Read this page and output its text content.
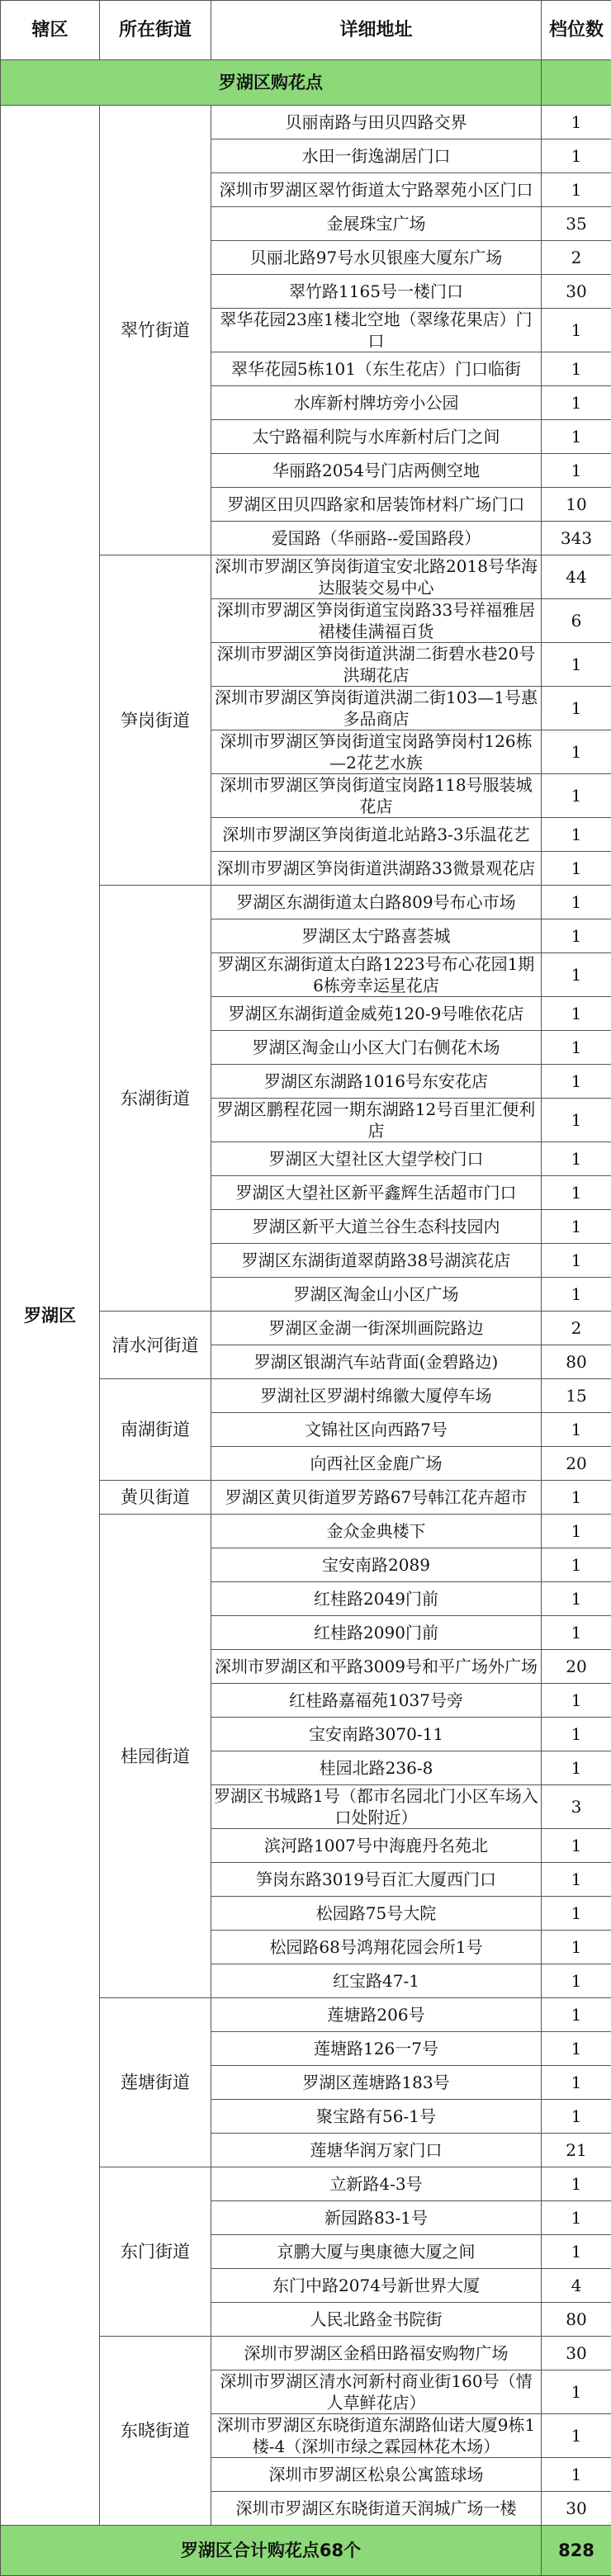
辖区	所在街道	详细地址	档位数
罗湖区购花点			
罗湖区	翠竹街道	贝丽南路与田贝四路交界	1
		水田一街逸湖居门口	1
		深圳市罗湖区翠竹街道太宁路翠苑小区门口	1
		金展珠宝广场	35
		贝丽北路97号水贝银座大厦东广场	2
		翠竹路1165号一楼门口	30
		翠华花园23座1楼北空地（翠缘花果店）门口	1
		翠华花园5栋101（东生花店）门口临街	1
		水库新村牌坊旁小公园	1
		太宁路福利院与水库新村后门之间	1
		华丽路2054号门店两侧空地	1
		罗湖区田贝四路家和居装饰材料广场门口	10
		爱国路（华丽路--爱国路段）	343
	笋岗街道	深圳市罗湖区笋岗街道宝安北路2018号华海达服装交易中心	44
		深圳市罗湖区笋岗街道宝岗路33号祥福雅居裙楼佳满福百货	6
		深圳市罗湖区笋岗街道洪湖二街碧水巷20号洪瑚花店	1
		深圳市罗湖区笋岗街道洪湖二街103—1号惠多品商店	1
		深圳市罗湖区笋岗街道宝岗路笋岗村126栋—2花艺水族	1
		深圳市罗湖区笋岗街道宝岗路118号服装城花店	1
		深圳市罗湖区笋岗街道北站路3-3乐温花艺	1
		深圳市罗湖区笋岗街道洪湖路33微景观花店	1
	东湖街道	罗湖区东湖街道太白路809号布心市场	1
		罗湖区太宁路喜荟城	1
		罗湖区东湖街道太白路1223号布心花园1期6栋旁幸运星花店	1
		罗湖区东湖街道金威苑120-9号唯依花店	1
		罗湖区淘金山小区大门右侧花木场	1
		罗湖区东湖路1016号东安花店	1
		罗湖区鹏程花园一期东湖路12号百里汇便利店	1
		罗湖区大望社区大望学校门口	1
		罗湖区大望社区新平鑫辉生活超市门口	1
		罗湖区新平大道兰谷生态科技园内	1
		罗湖区东湖街道翠荫路38号湖滨花店	1
		罗湖区淘金山小区广场	1
	清水河街道	罗湖区金湖一街深圳画院路边	2
		罗湖区银湖汽车站背面(金碧路边)	80
	南湖街道	罗湖社区罗湖村绵徽大厦停车场	15
		文锦社区向西路7号	1
		向西社区金鹿广场	20
	黄贝街道	罗湖区黄贝街道罗芳路67号韩江花卉超市	1
	桂园街道	金众金典楼下	1
		宝安南路2089	1
		红桂路2049门前	1
		红桂路2090门前	1
		深圳市罗湖区和平路3009号和平广场外广场	20
		红桂路嘉福苑1037号旁	1
		宝安南路3070-11	1
		桂园北路236-8	1
		罗湖区书城路1号（都市名园北门小区车场入口处附近）	3
		滨河路1007号中海鹿丹名苑北	1
		笋岗东路3019号百汇大厦西门口	1
		松园路75号大院	1
		松园路68号鸿翔花园会所1号	1
		红宝路47-1	1
	莲塘街道	莲塘路206号	1
		莲塘路126一7号	1
		罗湖区莲塘路183号	1
		聚宝路有56-1号	1
		莲塘华润万家门口	21
	东门街道	立新路4-3号	1
		新园路83-1号	1
		京鹏大厦与奥康德大厦之间	1
		东门中路2074号新世界大厦	4
		人民北路金书院街	80
	东晓街道	深圳市罗湖区金稻田路福安购物广场	30
		深圳市罗湖区清水河新村商业街160号（情人草鲜花店）	1
		深圳市罗湖区东晓街道东湖路仙诺大厦9栋1楼-4（深圳市绿之霖园林花木场）	1
		深圳市罗湖区松泉公寓篮球场	1
		深圳市罗湖区东晓街道天润城广场一楼	30
罗湖区合计购花点68个			828
